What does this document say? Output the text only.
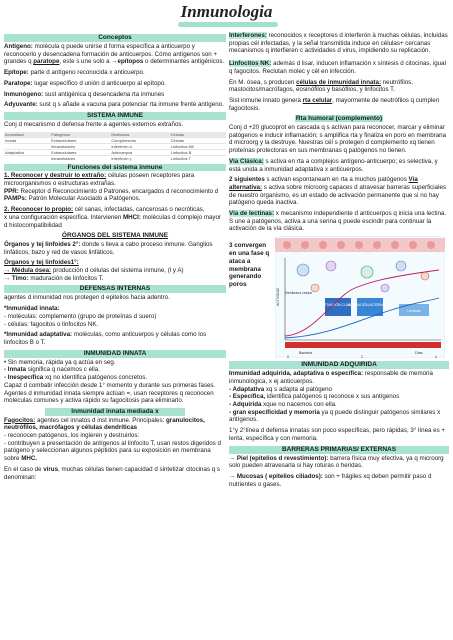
Inmunologia
Conceptos

Antígeno: molécula q puede unirse d forma específica a anticuerpo y reconocerlo y desencadena formación de anticuerpos. Cómo antígenos son + grandes q paratope, este s une solo a →epítopos o determinantes antigénicos.

Epítope: parte d antígeno reconocida x anticuerpo.

Paratope: lugar específico d unión d anticuerpo al epítopo.

Inmunógeno: sust antigénica q desencadena rta inmunes

Adyuvante: sust q s añade a vacuna para potenciar rta inmune frente antígeno.

SISTEMA INMUNE

Conj d mecanismo d defensa frente a agentes externos extraños.

Inmunidad	Patógenos	Moléculas	Células
Innata	Extracelulares	Complemento	Células
	Intracelulares	Interferón α	Linfocitos NK
Adaptativa	Extracelulares	Anticuerpos	Linfocitos B
	Intracelulares	Interferón γ	Linfocitos T
Funciones del sistema inmune

1. Reconocer y destruir lo extraño: células poseen receptores para microorganismos o estructuras extrañas.
PPR: Receptor d Reconocimiento d Patrones, encargados d reconocimiento d PAMPs: Patrón Molecular Asociado a Patógenos.

2. Reconocer lo propio: cél sanas, infectadas, cancerosas o necróticas,
x una configuración específica. Intervienen MHCI: moléculas d complejo mayor d histocompatibilidad

ÓRGANOS DEL SISTEMA INMUNE

Órganos y tej linfoides 2°: donde s lleva a cabo proceso inmune. Ganglios linfáticos, bazo y red de vasos linfáticos.

Órganos y tej linfoides1°:
→ Médula ósea: producción d células del sistema inmune, (l y A)
→ Timo: maduración de linfocitos T.

DEFENSAS INTERNAS

agentes d inmunidad nos protegen d epitelios hacia adentro.

*Inmunidad innata:
- moléculas: complemento (grupo de proteínas d suero)
- células: fagocitos o linfocitos NK.

*Inmunidad adaptativa: moléculas, como anticuerpos y células como los linfocitos B o T.

INMUNIDAD INNATA

• Sin memoria, rápida ya q actúa en seg.
- Innata significa q nacemos c ella.
- Inespecífica xq no identifica patógenos concretos.
Capaz d combatir infección desde 1° momento y durante sus primeras fases. Agentes d inmunidad innata siempre actúan =, usan receptores q reconocen moléculas comunes y activa rápido su fagocitosis para eliminarlo.

Inmunidad innata mediada x

Fagocitos: agentes cel innatos d inst inmune. Principales: granulocitos, neutrófilos, macrófagos y células dendríticas
- reconocen patógenos, los ingieren y destruirlos:
- contribuyen a presentación de antígenos al linfocito T, usan restos digeridos d patógeno y seleccionan algunos péptidos para su exposición en membrana sobre MHC.

En el caso de virus, muchas células tienen capacidad d sintetizar citocinas q s denominan:

Interferones: reconocidos x receptores d interferón à muchas células, incluidas propias cél infectadas, y la señal transmitida induce en células+ cercanas mecanismos q interfieren c actividades d virus, impidiendo su replicación.

Linfocitos NK: además d lisar, inducen inflamación x síntesis d citocinas, igual q fagocitos. Reclutan molec y cél en infección.

En M. ósea, s producen células de inmunidad innata: neutrófilos, mastocitos/macrófagos, eosinófilos y basófilos, y linfocitos T.

Sist inmune innato genera rta celular, mayormente de neutrófilos q cumplen fagocitosis.

Rta humoral (complemento)

Conj d +20 glucoprot en cascada q s activan para reconocer, marcar y eliminar patógenos e inducir inflamación; s amplifica rta y finaliza en poro en membrana d microorg y la destruye. Nuestras cél s protegen d complemento xq tienen proteínas protectoras en sus membranas q patógenos no tienen.

Vía Clásica: s activa en rta a complejos antígeno-anticuerpo; es selectiva, y está unida a inmunidad adaptativa x anticuerpos.

2 siguientes s activan espontaneam en rta a muchos patógenos Vía alternativa: s activa sobre microorg capaces d atravesar barreras superficiales de nuestro organismo, es un estado de activación permanente que si no hay patógeno queda inactiva.

Vía de lectinas: x mecanismo independiente d anticuerpos q inicia una lectina. S une a patógenos, activa a una serina q puede escindir para continuar la activación de la vía clásica.

3 convergen en una fase q ataca a membrana generando poros
ACTIVACIÓN CLÁSICA
ACTIVACIÓN ALTERNATIVA
Lectinas
ACTIVIDAD
Bacteria	Días
Membrana celular
0	2	4
INMUNIDAD ADQUIRIDA

Inmunidad adquirida, adaptativa o específica: responsable de memoria inmunológica, x ej anticuerpos.
- Adaptativa xq s adapta al patógeno
- Específica, identifica patógenos q reconoce x sus antígenos
- Adquirida xque no nacemos con ella.
- gran especificidad y memoria ya q puede distinguir patógenos similares x antígenos.

1°y 2°línea d defensa innatas son poco específicas, pero rápidas, 3° línea es + lenta, específica y con memoria.

BARRERAS PRIMARIAS/ EXTERNAS

→ Piel (epitelios d revestimiento): barrera física muy efectiva, ya q microorg solo pueden atravesarla si hay roturas o heridas.

→ Mucosas ( epitelios ciliados): son + frágiles xq deben permitir paso d nutrientes o gases.
